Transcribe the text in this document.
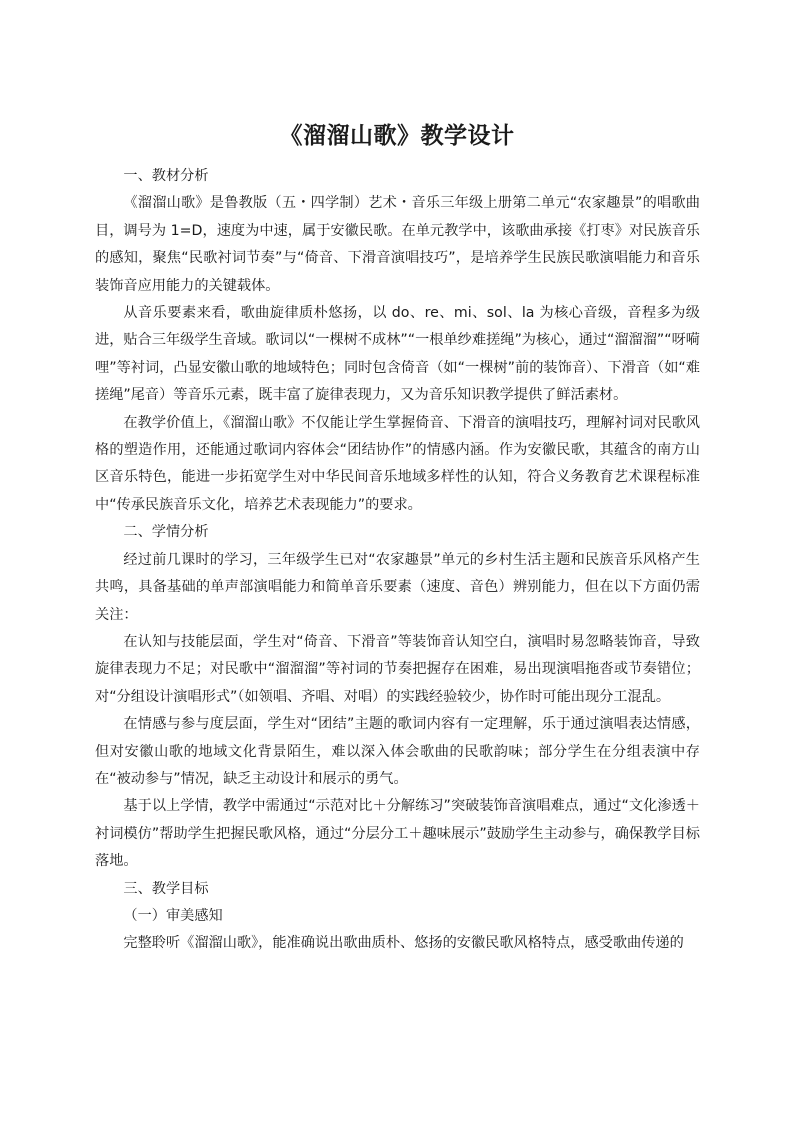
《溜溜山歌》教学设计

一、教材分析

《溜溜山歌》是鲁教版（五・四学制）艺术・音乐三年级上册第二单元“农家趣景”的唱歌曲目，调号为 1=D，速度为中速，属于安徽民歌。在单元教学中，该歌曲承接《打枣》对民族音乐的感知，聚焦“民歌衬词节奏”与“倚音、下滑音演唱技巧”，是培养学生民族民歌演唱能力和音乐装饰音应用能力的关键载体。

从音乐要素来看，歌曲旋律质朴悠扬，以 do、re、mi、sol、la 为核心音级，音程多为级进，贴合三年级学生音域。歌词以“一棵树不成林”“一根单纱难搓绳”为核心，通过“溜溜溜”“呀嗬哩”等衬词，凸显安徽山歌的地域特色；同时包含倚音（如“一棵树”前的装饰音）、下滑音（如“难搓绳”尾音）等音乐元素，既丰富了旋律表现力，又为音乐知识教学提供了鲜活素材。

在教学价值上，《溜溜山歌》不仅能让学生掌握倚音、下滑音的演唱技巧，理解衬词对民歌风格的塑造作用，还能通过歌词内容体会“团结协作”的情感内涵。作为安徽民歌，其蕴含的南方山区音乐特色，能进一步拓宽学生对中华民间音乐地域多样性的认知，符合义务教育艺术课程标准中“传承民族音乐文化，培养艺术表现能力”的要求。

二、学情分析

经过前几课时的学习，三年级学生已对“农家趣景”单元的乡村生活主题和民族音乐风格产生共鸣，具备基础的单声部演唱能力和简单音乐要素（速度、音色）辨别能力，但在以下方面仍需关注：

在认知与技能层面，学生对“倚音、下滑音”等装饰音认知空白，演唱时易忽略装饰音，导致旋律表现力不足；对民歌中“溜溜溜”等衬词的节奏把握存在困难，易出现演唱拖沓或节奏错位；对“分组设计演唱形式”（如领唱、齐唱、对唱）的实践经验较少，协作时可能出现分工混乱。

在情感与参与度层面，学生对“团结”主题的歌词内容有一定理解，乐于通过演唱表达情感，但对安徽山歌的地域文化背景陌生，难以深入体会歌曲的民歌韵味；部分学生在分组表演中存在“被动参与”情况，缺乏主动设计和展示的勇气。

基于以上学情，教学中需通过“示范对比＋分解练习”突破装饰音演唱难点，通过“文化渗透＋衬词模仿”帮助学生把握民歌风格，通过“分层分工＋趣味展示”鼓励学生主动参与，确保教学目标落地。

三、教学目标

（一）审美感知

完整聆听《溜溜山歌》，能准确说出歌曲质朴、悠扬的安徽民歌风格特点，感受歌曲传递的
